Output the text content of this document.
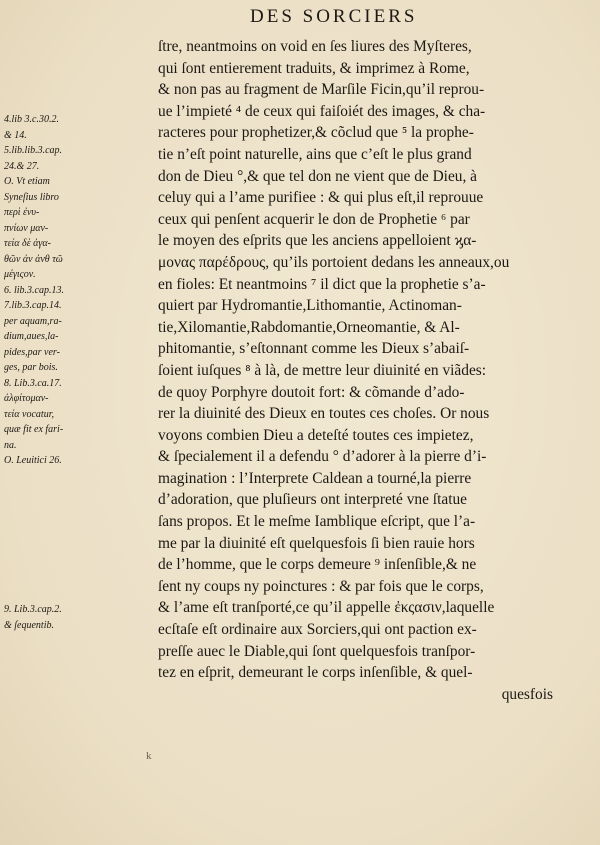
DES SORCIERS
4.lib 3.c.30.2.
& 14.
5.lib.lib.3.cap.
24.& 27.
O. Vt etiam
Syneſius libro
περὶ ἐνυ-
πνίων μαν-
τεία δὲ ἀγα-
θῶν ἀν ἀνθ τῶ
μέγιςον.
6. lib.3.cap.13.
7.lib.3.cap.14.
per aquam,ra-
dium,aues,la-
pides,par ver-
ges, par bois.
8. Lib.3.ca.17.
ἀλφίτομαν-
τεία vocatur,
quæ fit ex fari-
na.
O. Leuitici 26.
9. Lib.3.cap.2.
& ſequentib.
ſtre, neantmoins on void en ſes liures des Myſteres,
qui ſont entierement traduits, & imprimez à Rome,
& non pas au fragment de Marſile Ficin,qu’il reprou-
ue l’impieté ⁴ de ceux qui faiſoiét des images, & cha-
racteres pour prophetizer,& cõclud que ⁵ la prophe-
tie n’eſt point naturelle, ains que c’eſt le plus grand
don de Dieu °,& que tel don ne vient que de Dieu, à
celuy qui a l’ame purifiee : & qui plus eſt,il reprouue
ceux qui penſent acquerir le don de Prophetie ⁶ par
le moyen des eſprits que les anciens appelloient ϗα-
μονας παρέδρους, qu’ils portoient dedans les anneaux,ou
en fioles: Et neantmoins ⁷ il dict que la prophetie s’a-
quiert par Hydromantie,Lithomantie, Actinoman-
tie,Xilomantie,Rabdomantie,Orneomantie, & Al-
phitomantie, s’eſtonnant comme les Dieux s’abaiſ-
ſoient iuſques ⁸ à là, de mettre leur diuinité en viãdes:
de quoy Porphyre doutoit fort: & cõmande d’ado-
rer la diuinité des Dieux en toutes ces choſes. Or nous
voyons combien Dieu a deteſté toutes ces impietez,
& ſpecialement il a defendu ° d’adorer à la pierre d’i-
magination : l’Interprete Caldean a tourné,la pierre
d’adoration, que pluſieurs ont interpreté vne ſtatue
ſans propos. Et le meſme Iamblique eſcript, que l’a-
me par la diuinité eſt quelquesfois ſi bien rauie hors
de l’homme, que le corps demeure ⁹ inſenſible,& ne
ſent ny coups ny poinctures : & par fois que le corps,
& l’ame eſt tranſporté,ce qu’il appelle ἐκςασιν,laquelle
ecſtaſe eſt ordinaire aux Sorciers,qui ont paction ex-
preſſe auec le Diable,qui ſont quelquesfois tranſpor-
tez en eſprit, demeurant le corps inſenſible, & quel-
quesfois
k
